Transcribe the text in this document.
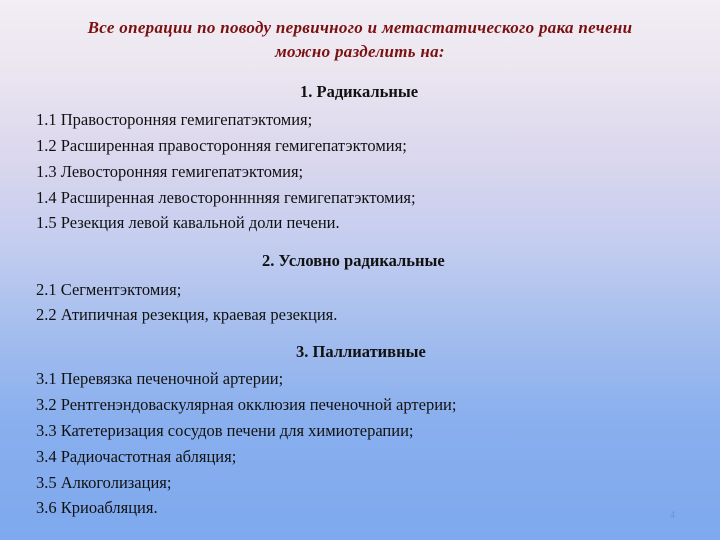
Все операции по поводу первичного и метастатического рака печени
можно разделить на:
1. Радикальные
1.1 Правосторонняя гемигепатэктомия;
1.2 Расширенная правосторонняя гемигепатэктомия;
1.3 Левосторонняя гемигепатэктомия;
1.4 Расширенная левосторонннняя гемигепатэктомия;
1.5 Резекция левой кавальной доли печени.
2. Условно радикальные
2.1 Сегментэктомия;
2.2 Атипичная резекция, краевая резекция.
3. Паллиативные
3.1 Перевязка печеночной артерии;
3.2 Рентгенэндоваскулярная окклюзия печеночной артерии;
3.3 Катетеризация сосудов печени для химиотерапии;
3.4 Радиочастотная абляция;
3.5 Алкоголизация;
3.6 Криоабляция.	4
